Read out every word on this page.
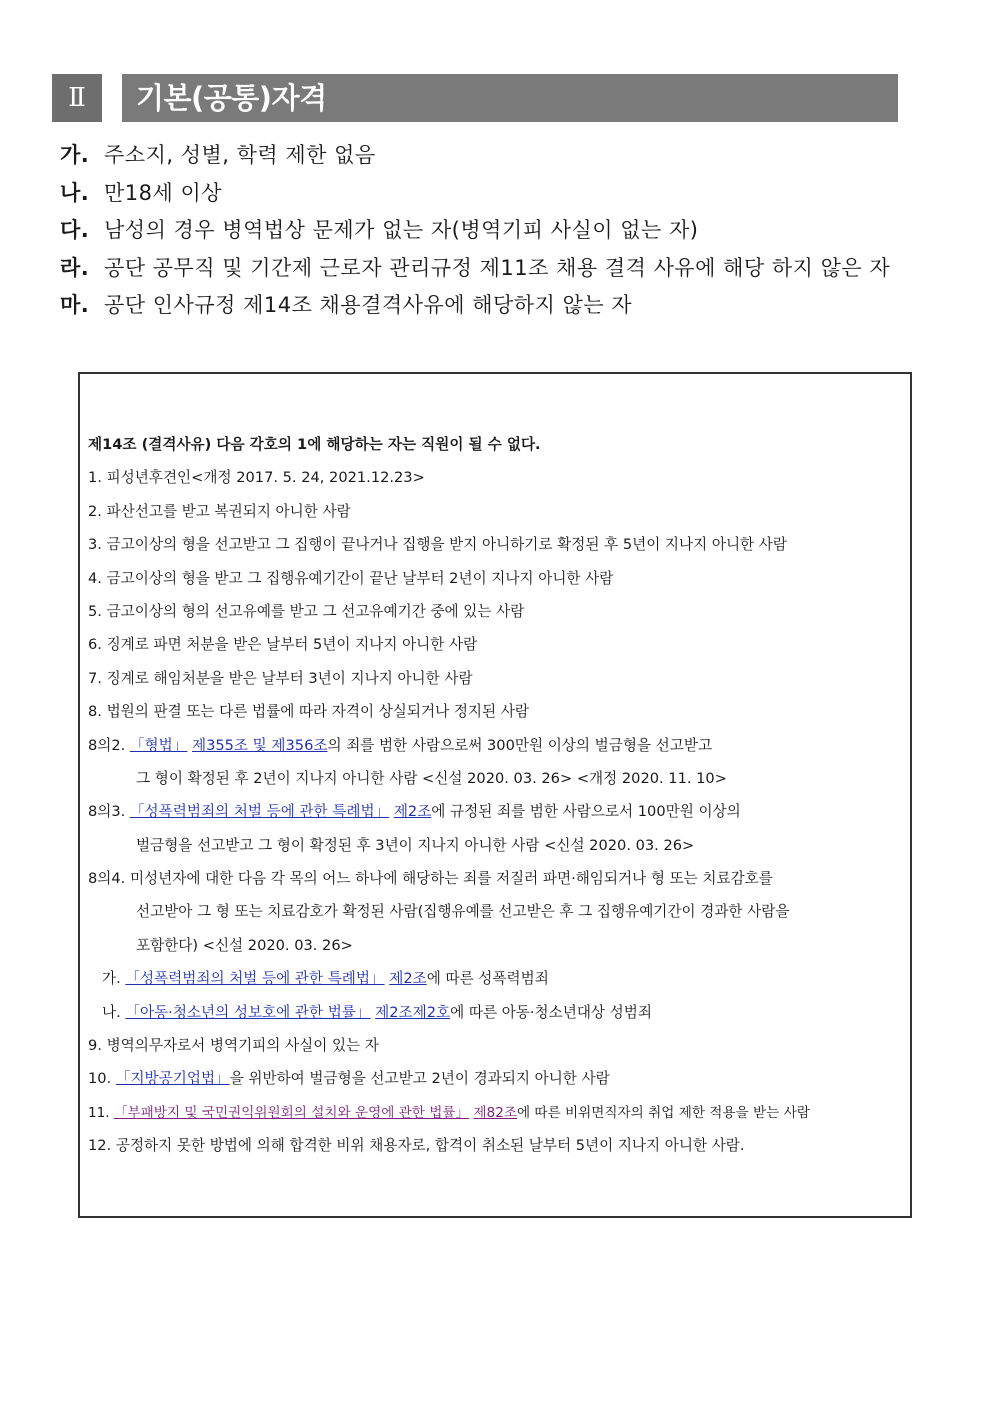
Ⅱ	기본(공통)자격
가. 주소지, 성별, 학력 제한 없음
나. 만18세 이상
다. 남성의 경우 병역법상 문제가 없는 자(병역기피 사실이 없는 자)
라. 공단 공무직 및 기간제 근로자 관리규정 제11조 채용 결격 사유에 해당 하지 않은 자
마. 공단 인사규정 제14조 채용결격사유에 해당하지 않는 자
제14조 (결격사유) 다음 각호의 1에 해당하는 자는 직원이 될 수 없다.
1. 피성년후견인<개정 2017. 5. 24, 2021.12.23>
2. 파산선고를 받고 복권되지 아니한 사람
3. 금고이상의 형을 선고받고 그 집행이 끝나거나 집행을 받지 아니하기로 확정된 후 5년이 지나지 아니한 사람
4. 금고이상의 형을 받고 그 집행유예기간이 끝난 날부터 2년이 지나지 아니한 사람
5. 금고이상의 형의 선고유예를 받고 그 선고유예기간 중에 있는 사람
6. 징계로 파면 처분을 받은 날부터 5년이 지나지 아니한 사람
7. 징계로 해임처분을 받은 날부터 3년이 지나지 아니한 사람
8. 법원의 판결 또는 다른 법률에 따라 자격이 상실되거나 정지된 사람
8의2. 「형법」 제355조 및 제356조의 죄를 범한 사람으로써 300만원 이상의 벌금형을 선고받고
그 형이 확정된 후 2년이 지나지 아니한 사람 <신설 2020. 03. 26> <개정 2020. 11. 10>
8의3. 「성폭력범죄의 처벌 등에 관한 특례법」 제2조에 규정된 죄를 범한 사람으로서 100만원 이상의
벌금형을 선고받고 그 형이 확정된 후 3년이 지나지 아니한 사람 <신설 2020. 03. 26>
8의4. 미성년자에 대한 다음 각 목의 어느 하나에 해당하는 죄를 저질러 파면·해임되거나 형 또는 치료감호를
선고받아 그 형 또는 치료감호가 확정된 사람(집행유예를 선고받은 후 그 집행유예기간이 경과한 사람을
포함한다) <신설 2020. 03. 26>
가. 「성폭력범죄의 처벌 등에 관한 특례법」 제2조에 따른 성폭력범죄
나. 「아동·청소년의 성보호에 관한 법률」 제2조제2호에 따른 아동·청소년대상 성범죄
9. 병역의무자로서 병역기피의 사실이 있는 자
10. 「지방공기업법」을 위반하여 벌금형을 선고받고 2년이 경과되지 아니한 사람
11. 「부패방지 및 국민권익위원회의 설치와 운영에 관한 법률」 제82조에 따른 비위면직자의 취업 제한 적용을 받는 사람
12. 공정하지 못한 방법에 의해 합격한 비위 채용자로, 합격이 취소된 날부터 5년이 지나지 아니한 사람.
